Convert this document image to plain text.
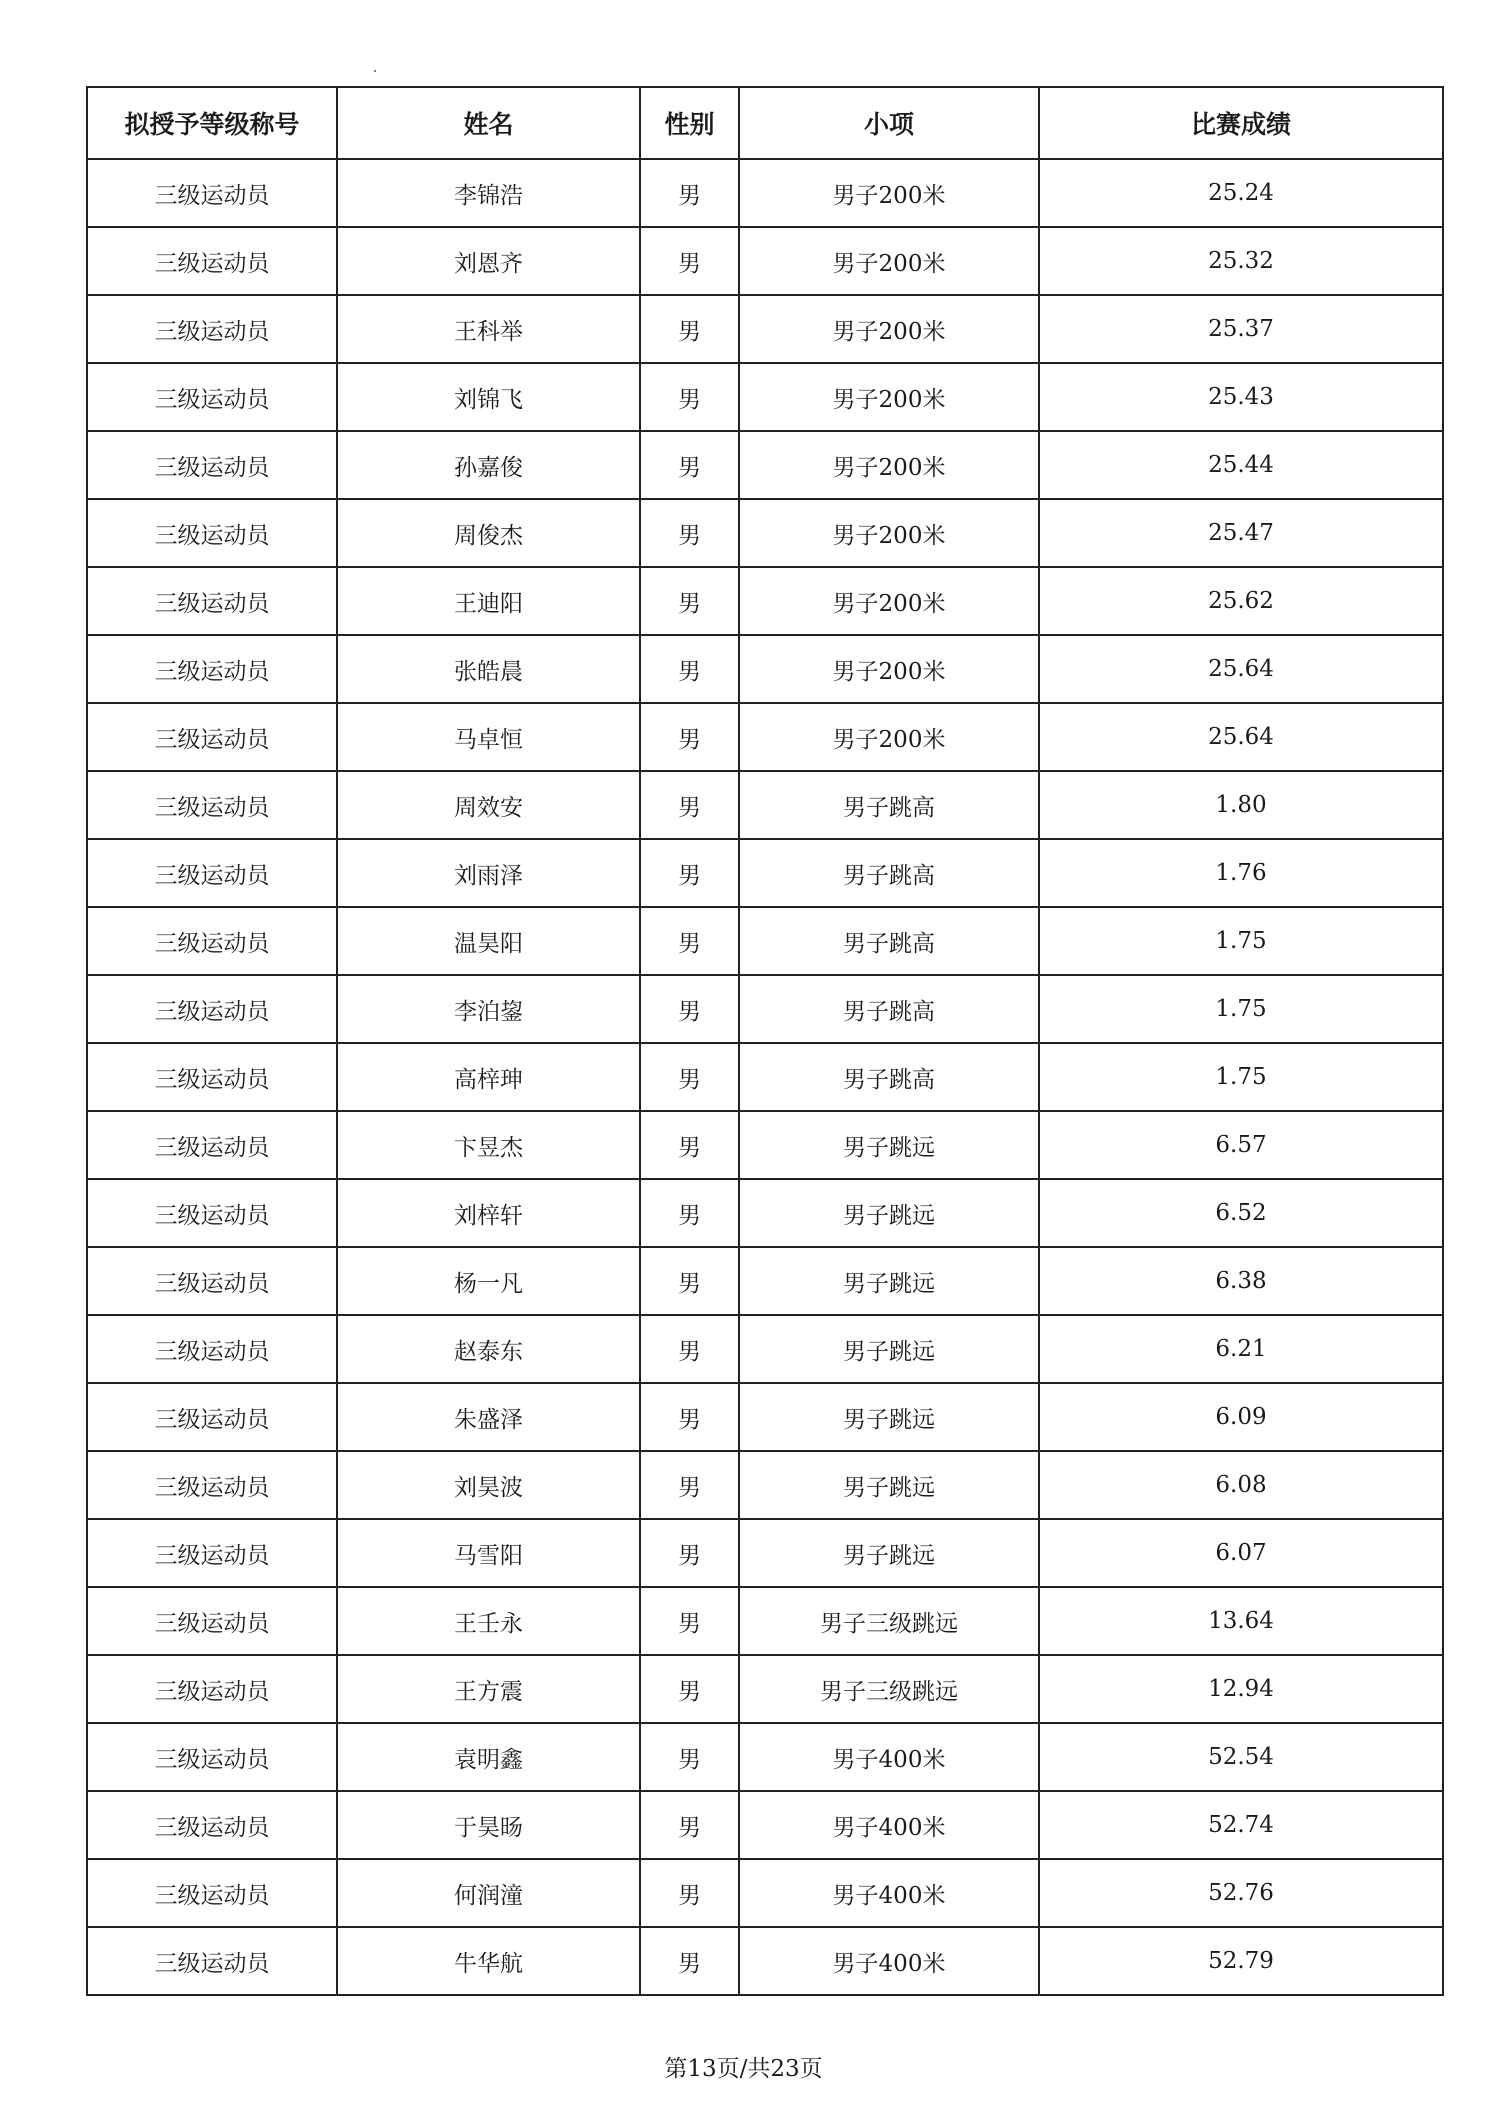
拟授予等级称号	姓名	性别	小项	比赛成绩
三级运动员	李锦浩	男	男子200米	25.24
三级运动员	刘恩齐	男	男子200米	25.32
三级运动员	王科举	男	男子200米	25.37
三级运动员	刘锦飞	男	男子200米	25.43
三级运动员	孙嘉俊	男	男子200米	25.44
三级运动员	周俊杰	男	男子200米	25.47
三级运动员	王迪阳	男	男子200米	25.62
三级运动员	张皓晨	男	男子200米	25.64
三级运动员	马卓恒	男	男子200米	25.64
三级运动员	周效安	男	男子跳高	1.80
三级运动员	刘雨泽	男	男子跳高	1.76
三级运动员	温昊阳	男	男子跳高	1.75
三级运动员	李泊鋆	男	男子跳高	1.75
三级运动员	高梓珅	男	男子跳高	1.75
三级运动员	卞昱杰	男	男子跳远	6.57
三级运动员	刘梓轩	男	男子跳远	6.52
三级运动员	杨一凡	男	男子跳远	6.38
三级运动员	赵泰东	男	男子跳远	6.21
三级运动员	朱盛泽	男	男子跳远	6.09
三级运动员	刘昊波	男	男子跳远	6.08
三级运动员	马雪阳	男	男子跳远	6.07
三级运动员	王壬永	男	男子三级跳远	13.64
三级运动员	王方震	男	男子三级跳远	12.94
三级运动员	袁明鑫	男	男子400米	52.54
三级运动员	于昊旸	男	男子400米	52.74
三级运动员	何润潼	男	男子400米	52.76
三级运动员	牛华航	男	男子400米	52.79
第13页/共23页
